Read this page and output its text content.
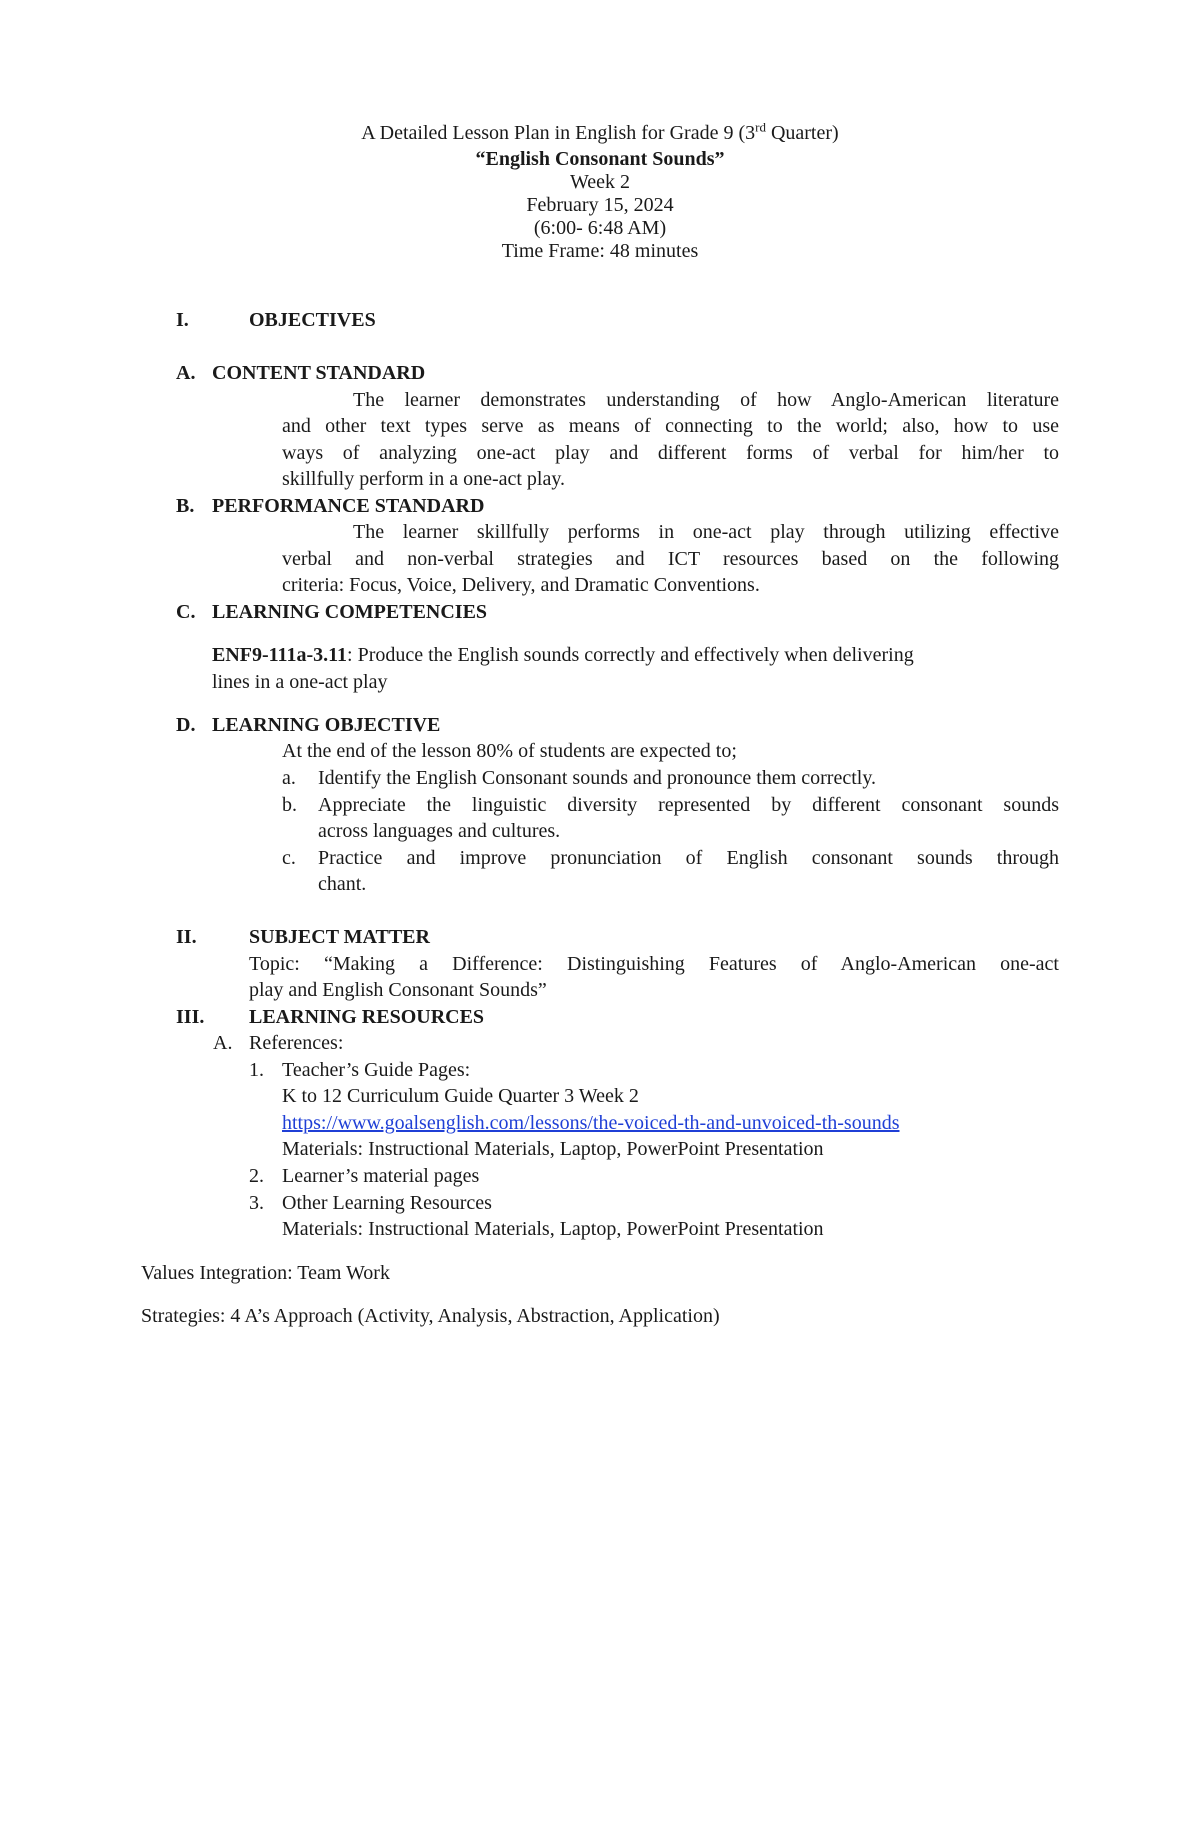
A Detailed Lesson Plan in English for Grade 9 (3rd Quarter)
“English Consonant Sounds”
Week 2
February 15, 2024
(6:00- 6:48 AM)
Time Frame: 48 minutes
I.	OBJECTIVES
A. CONTENT STANDARD
The learner demonstrates understanding of how Anglo-American literature
and other text types serve as means of connecting to the world; also, how to use
ways of analyzing one-act play and different forms of verbal for him/her to
skillfully perform in a one-act play.
B. PERFORMANCE STANDARD
The learner skillfully performs in one-act play through utilizing effective
verbal and non-verbal strategies and ICT resources based on the following
criteria: Focus, Voice, Delivery, and Dramatic Conventions.
C. LEARNING COMPETENCIES
ENF9-111a-3.11: Produce the English sounds correctly and effectively when delivering
lines in a one-act play
D. LEARNING OBJECTIVE
At the end of the lesson 80% of students are expected to;
a. Identify the English Consonant sounds and pronounce them correctly.
b. Appreciate the linguistic diversity represented by different consonant sounds
across languages and cultures.
c. Practice and improve pronunciation of English consonant sounds through
chant.
II.	SUBJECT MATTER
Topic: “Making a Difference: Distinguishing Features of Anglo-American one-act
play and English Consonant Sounds”
III. LEARNING RESOURCES
A. References:
1. Teacher’s Guide Pages:
K to 12 Curriculum Guide Quarter 3 Week 2
https://www.goalsenglish.com/lessons/the-voiced-th-and-unvoiced-th-sounds
Materials: Instructional Materials, Laptop, PowerPoint Presentation
2. Learner’s material pages
3. Other Learning Resources
Materials: Instructional Materials, Laptop, PowerPoint Presentation
Values Integration: Team Work
Strategies: 4 A’s Approach (Activity, Analysis, Abstraction, Application)
